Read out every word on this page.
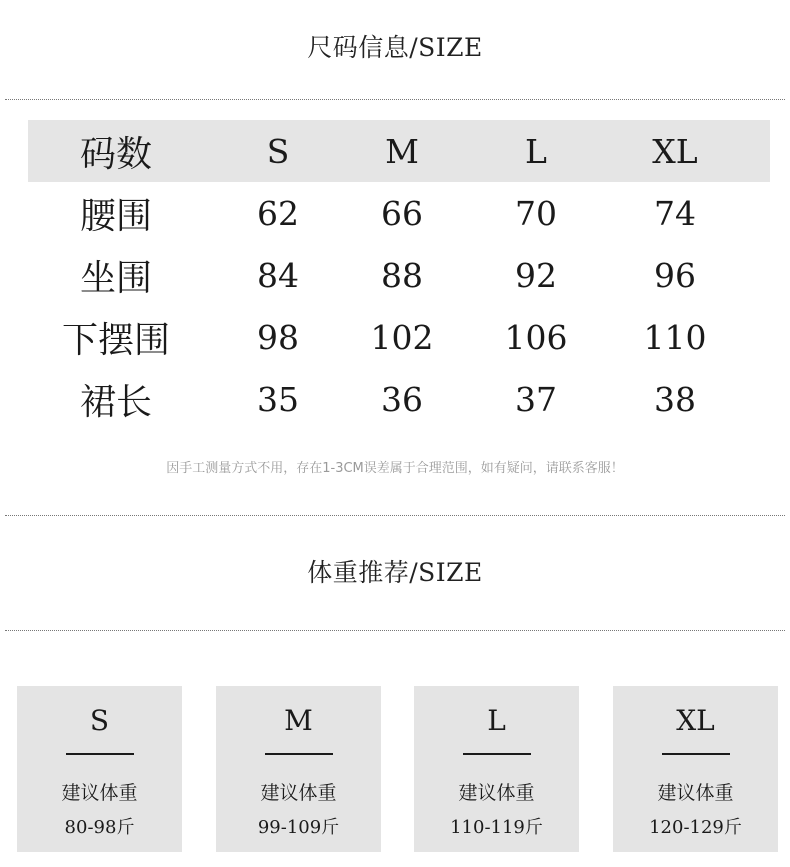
尺码信息/SIZE
码数	S	M	L	XL
腰围	62	66	70	74
坐围	84	88	92	96
下摆围	98	102	106	110
裙长	35	36	37	38
因手工测量方式不用，存在1-3CM误差属于合理范围，如有疑问，请联系客服！
体重推荐/SIZE
S
建议体重
80-98斤
M
建议体重
99-109斤
L
建议体重
110-119斤
XL
建议体重
120-129斤
